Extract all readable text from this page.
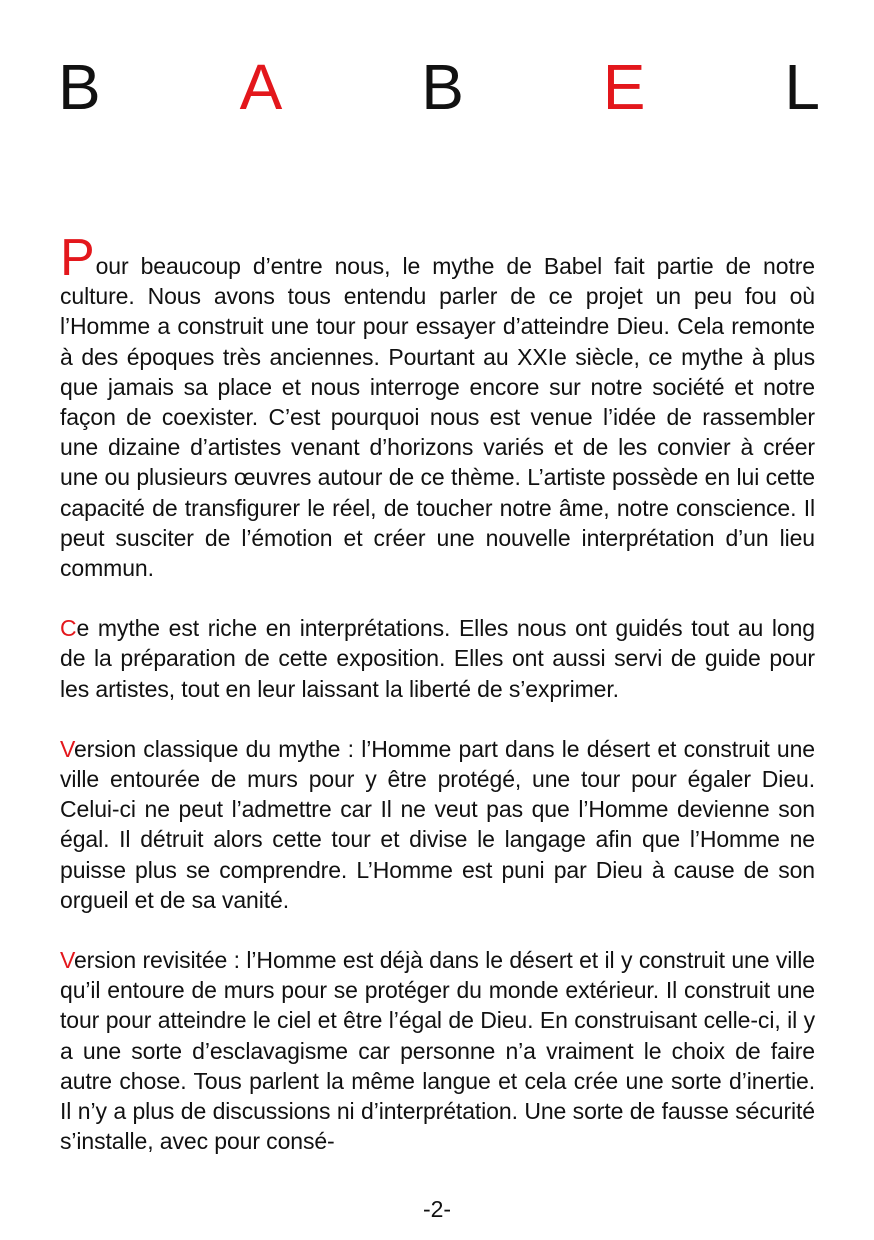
B A B E L

Pour beaucoup d’entre nous, le mythe de Babel fait partie de notre culture. Nous avons tous entendu parler de ce projet un peu fou où l’Homme a construit une tour pour essayer d’atteindre Dieu. Cela remonte à des époques très anciennes. Pourtant au XXIe siècle, ce mythe à plus que jamais sa place et nous interroge encore sur notre société et notre façon de coexister. C’est pourquoi nous est venue l’idée de rassembler une dizaine d’artistes venant d’horizons variés et de les convier à créer une ou plusieurs œuvres autour de ce thème. L’artiste possède en lui cette capacité de transfigurer le réel, de toucher notre âme, notre conscience. Il peut susciter de l’émotion et créer une nouvelle interprétation d’un lieu commun.

Ce mythe est riche en interprétations. Elles nous ont guidés tout au long de la préparation de cette exposition. Elles ont aussi servi de guide pour les artistes, tout en leur laissant la liberté de s’exprimer.

Version classique du mythe : l’Homme part dans le désert et construit une ville entourée de murs pour y être protégé, une tour pour égaler Dieu. Celui-ci ne peut l’admettre car Il ne veut pas que l’Homme devienne son égal. Il détruit alors cette tour et divise le langage afin que l’Homme ne puisse plus se comprendre. L’Homme est puni par Dieu à cause de son orgueil et de sa vanité.

Version revisitée : l’Homme est déjà dans le désert et il y construit une ville qu’il entoure de murs pour se protéger du monde extérieur. Il construit une tour pour atteindre le ciel et être l’égal de Dieu. En construisant celle-ci, il y a une sorte d’esclavagisme car personne n’a vraiment le choix de faire autre chose. Tous parlent la même langue et cela crée une sorte d’inertie. Il n’y a plus de discussions ni d’interprétation. Une sorte de fausse sécurité s’installe, avec pour consé-

-2-
